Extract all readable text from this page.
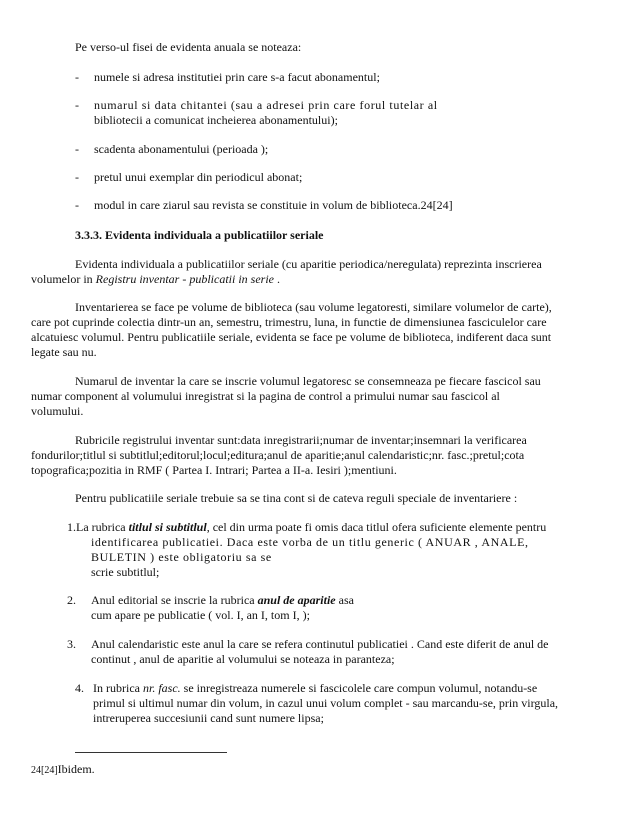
Pe verso-ul fisei de evidenta anuala se noteaza:
- numele si adresa institutiei prin care s-a facut abonamentul;
- numarul si data chitantei (sau a adresei prin care forul tutelar al
bibliotecii a comunicat incheierea abonamentului);
- scadenta abonamentului (perioada );
- pretul unui exemplar din periodicul abonat;
- modul in care ziarul sau revista se constituie in volum de biblioteca.24[24]
3.3.3. Evidenta individuala a publicatiilor seriale
Evidenta individuala a publicatiilor seriale (cu aparitie periodica/neregulata) reprezinta inscrierea
volumelor in Registru inventar - publicatii in serie .
Inventarierea se face pe volume de biblioteca (sau volume legatoresti, similare volumelor de carte),
care pot cuprinde colectia dintr-un an, semestru, trimestru, luna, in functie de dimensiunea fasciculelor care
alcatuiesc volumul. Pentru publicatiile seriale, evidenta se face pe volume de biblioteca, indiferent daca sunt
legate sau nu.
Numarul de inventar la care se inscrie volumul legatoresc se consemneaza pe fiecare fascicol sau
numar component al volumului inregistrat si la pagina de control a primului numar sau fascicol al
volumului.
Rubricile registrului inventar sunt:data inregistrarii;numar de inventar;insemnari la verificarea
fondurilor;titlul si subtitlul;editorul;locul;editura;anul de aparitie;anul calendaristic;nr. fasc.;pretul;cota
topografica;pozitia in RMF ( Partea I. Intrari; Partea a II-a. Iesiri );mentiuni.
Pentru publicatiile seriale trebuie sa se tina cont si de cateva reguli speciale de inventariere :
1.La rubrica titlul si subtitlul, cel din urma poate fi omis daca titlul ofera suficiente elemente pentru
identificarea publicatiei. Daca este vorba de un titlu generic ( ANUAR , ANALE,
BULETIN ) este obligatoriu sa se
scrie subtitlul;
2. Anul editorial se inscrie la rubrica anul de aparitie asa
cum apare pe publicatie ( vol. I, an I, tom I, );
3. Anul calendaristic este anul la care se refera continutul publicatiei . Cand este diferit de anul de
continut , anul de aparitie al volumului se noteaza in paranteza;
4. In rubrica nr. fasc. se inregistreaza numerele si fascicolele care compun volumul, notandu-se
primul si ultimul numar din volum, in cazul unui volum complet - sau marcandu-se, prin virgula,
intreruperea succesiunii cand sunt numere lipsa;
24[24]Ibidem.
